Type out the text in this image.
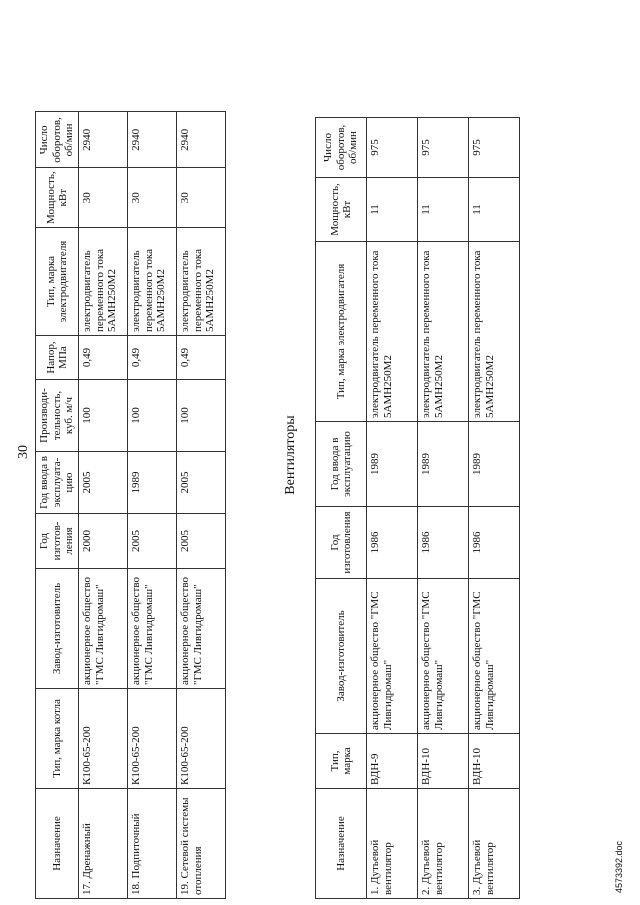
30
Назначение	Тип, марка котла	Завод-изготовитель	Год изготов-ления	Год ввода в эксплуата-цию	Производи-тельность, куб. м/ч	Напор, МПа	Тип, марка электродвигателя	Мощность, кВт	Число оборотов, об/мин
17. Дренажный	К100-65-200	акционерное общество "ГМС Ливгидромаш"	2000	2005	100	0,49	электродвигатель переменного тока 5АМН250М2	30	2940
18. Подпиточный	К100-65-200	акционерное общество "ГМС Ливгидромаш"	2005	1989	100	0,49	электродвигатель переменного тока 5АМН250М2	30	2940
19. Сетевой системы отопления	К100-65-200	акционерное общество "ГМС Ливгидромаш"	2005	2005	100	0,49	электродвигатель переменного тока 5АМН250М2	30	2940
Вентиляторы
Назначение	Тип, марка	Завод-изготовитель	Год изготовления	Год ввода в эксплуатацию	Тип, марка электродвигателя	Мощность, кВт	Число оборотов, об/мин
1. Дутьевой вентилятор	ВДН-9	акционерное общество "ГМС Ливгидромаш"	1986	1989	электродвигатель переменного тока 5АМН250М2	11	975
2. Дутьевой вентилятор	ВДН-10	акционерное общество "ГМС Ливгидромаш"	1986	1989	электродвигатель переменного тока 5АМН250М2	11	975
3. Дутьевой вентилятор	ВДН-10	акционерное общество "ГМС Ливгидромаш"	1986	1989	электродвигатель переменного тока 5АМН250М2	11	975
4573392.doc
